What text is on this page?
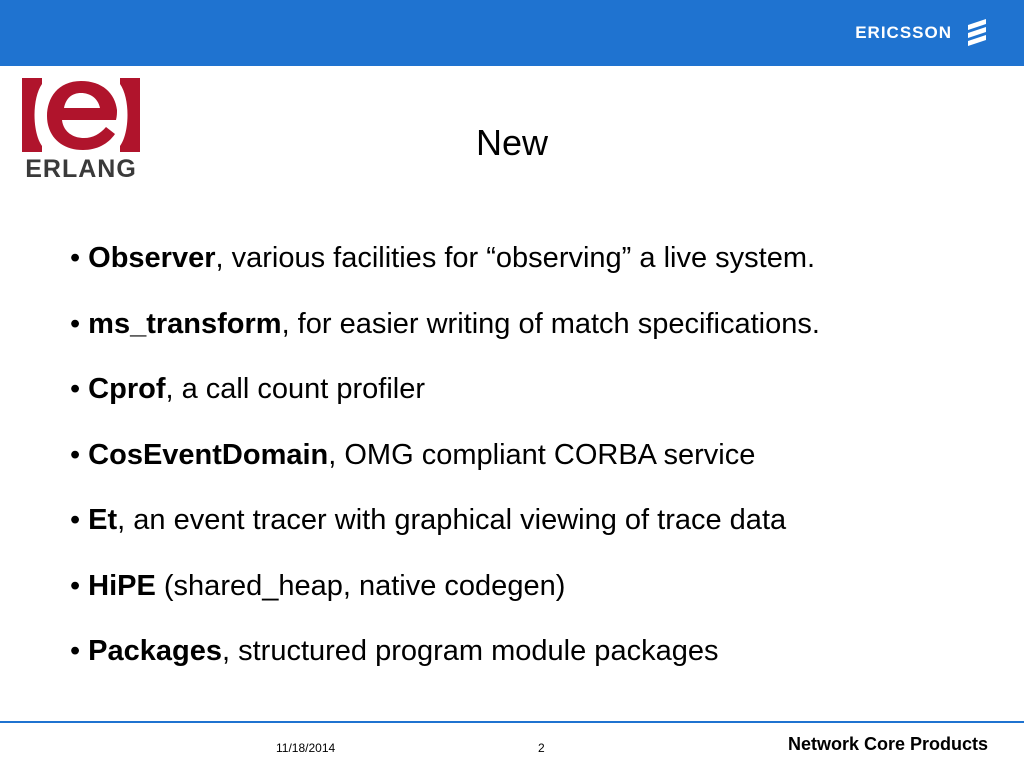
ERICSSON
ERLANG
New
• Observer, various facilities for “observing” a live system.
• ms_transform, for easier writing of match specifications.
• Cprof, a call count profiler
• CosEventDomain, OMG compliant CORBA service
• Et, an event tracer with graphical viewing of trace data
• HiPE (shared_heap, native codegen)
• Packages, structured program module packages
11/18/2014	2	Network Core Products
